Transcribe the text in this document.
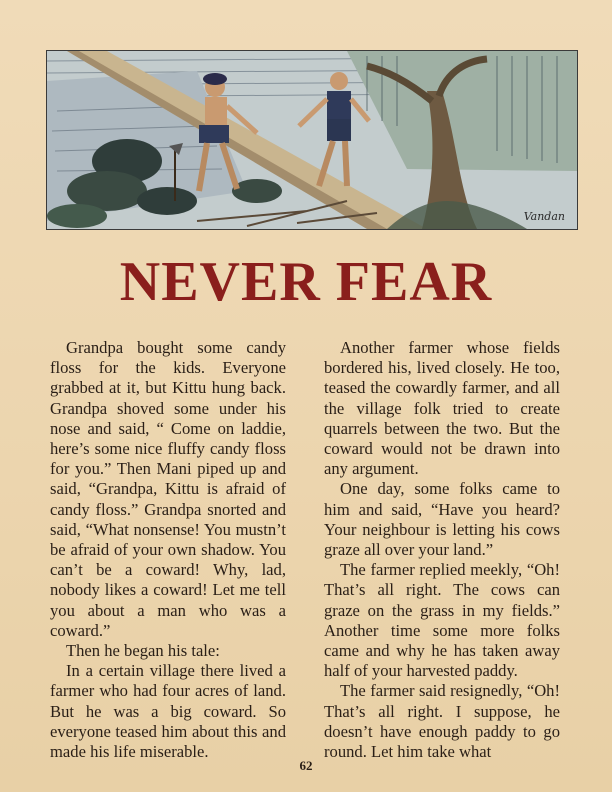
Vandan
NEVER FEAR

Grandpa bought some candy floss for the kids. Everyone grabbed at it, but Kittu hung back. Grandpa shoved some under his nose and said, “ Come on laddie, here’s some nice fluffy candy floss for you.” Then Mani piped up and said, “Grandpa, Kittu is afraid of candy floss.” Grandpa snorted and said, “What nonsense! You mustn’t be afraid of your own shadow. You can’t be a coward! Why, lad, nobody likes a coward! Let me tell you about a man who was a coward.”

Then he began his tale:

In a certain village there lived a farmer who had four acres of land. But he was a big coward. So everyone teased him about this and made his life miserable.

Another farmer whose fields bordered his, lived closely. He too, teased the cowardly farmer, and all the village folk tried to create quarrels between the two. But the coward would not be drawn into any argument.

One day, some folks came to him and said, “Have you heard? Your neighbour is letting his cows graze all over your land.”

The farmer replied meekly, “Oh! That’s all right. The cows can graze on the grass in my fields.” Another time some more folks came and why he has taken away half of your harvested paddy.

The farmer said resignedly, “Oh! That’s all right. I suppose, he doesn’t have enough paddy to go round. Let him take what

62
